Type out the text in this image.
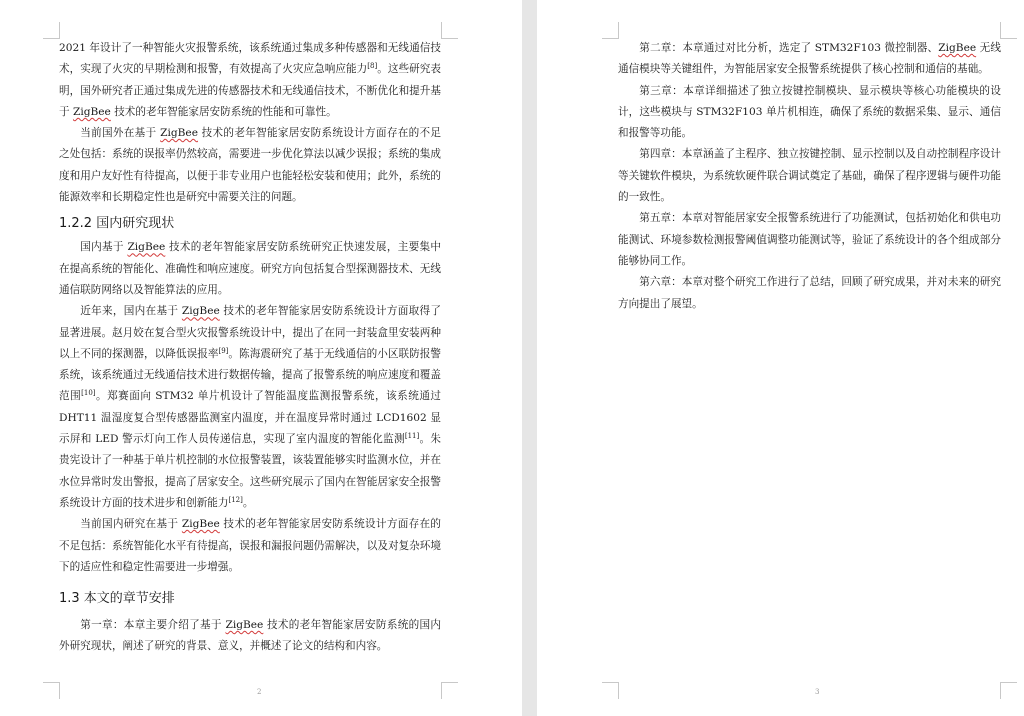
2021 年设计了一种智能火灾报警系统，该系统通过集成多种传感器和无线通信技术，实现了火灾的早期检测和报警，有效提高了火灾应急响应能力[8]。这些研究表明，国外研究者正通过集成先进的传感器技术和无线通信技术，不断优化和提升基于 ZigBee 技术的老年智能家居安防系统的性能和可靠性。

当前国外在基于 ZigBee 技术的老年智能家居安防系统设计方面存在的不足之处包括：系统的误报率仍然较高，需要进一步优化算法以减少误报；系统的集成度和用户友好性有待提高，以便于非专业用户也能轻松安装和使用；此外，系统的能源效率和长期稳定性也是研究中需要关注的问题。

1.2.2 国内研究现状

国内基于 ZigBee 技术的老年智能家居安防系统研究正快速发展，主要集中在提高系统的智能化、准确性和响应速度。研究方向包括复合型探测器技术、无线通信联防网络以及智能算法的应用。

近年来，国内在基于 ZigBee 技术的老年智能家居安防系统设计方面取得了显著进展。赵月姣在复合型火灾报警系统设计中，提出了在同一封装盒里安装两种以上不同的探测器，以降低误报率[9]。陈海震研究了基于无线通信的小区联防报警系统，该系统通过无线通信技术进行数据传输，提高了报警系统的响应速度和覆盖范围[10]。郑赛面向 STM32 单片机设计了智能温度监测报警系统，该系统通过 DHT11 温湿度复合型传感器监测室内温度，并在温度异常时通过 LCD1602 显示屏和 LED 警示灯向工作人员传递信息，实现了室内温度的智能化监测[11]。朱贵宪设计了一种基于单片机控制的水位报警装置，该装置能够实时监测水位，并在水位异常时发出警报，提高了居家安全。这些研究展示了国内在智能居家安全报警系统设计方面的技术进步和创新能力[12]。

当前国内研究在基于 ZigBee 技术的老年智能家居安防系统设计方面存在的不足包括：系统智能化水平有待提高，误报和漏报问题仍需解决，以及对复杂环境下的适应性和稳定性需要进一步增强。

1.3 本文的章节安排

第一章：本章主要介绍了基于 ZigBee 技术的老年智能家居安防系统的国内外研究现状，阐述了研究的背景、意义，并概述了论文的结构和内容。

2

第二章：本章通过对比分析，选定了 STM32F103 微控制器、ZigBee 无线通信模块等关键组件，为智能居家安全报警系统提供了核心控制和通信的基础。

第三章：本章详细描述了独立按键控制模块、显示模块等核心功能模块的设计，这些模块与 STM32F103 单片机相连，确保了系统的数据采集、显示、通信和报警等功能。

第四章：本章涵盖了主程序、独立按键控制、显示控制以及自动控制程序设计等关键软件模块，为系统软硬件联合调试奠定了基础，确保了程序逻辑与硬件功能的一致性。

第五章：本章对智能居家安全报警系统进行了功能测试，包括初始化和供电功能测试、环境参数检测报警阈值调整功能测试等，验证了系统设计的各个组成部分能够协同工作。

第六章：本章对整个研究工作进行了总结，回顾了研究成果，并对未来的研究方向提出了展望。

3
